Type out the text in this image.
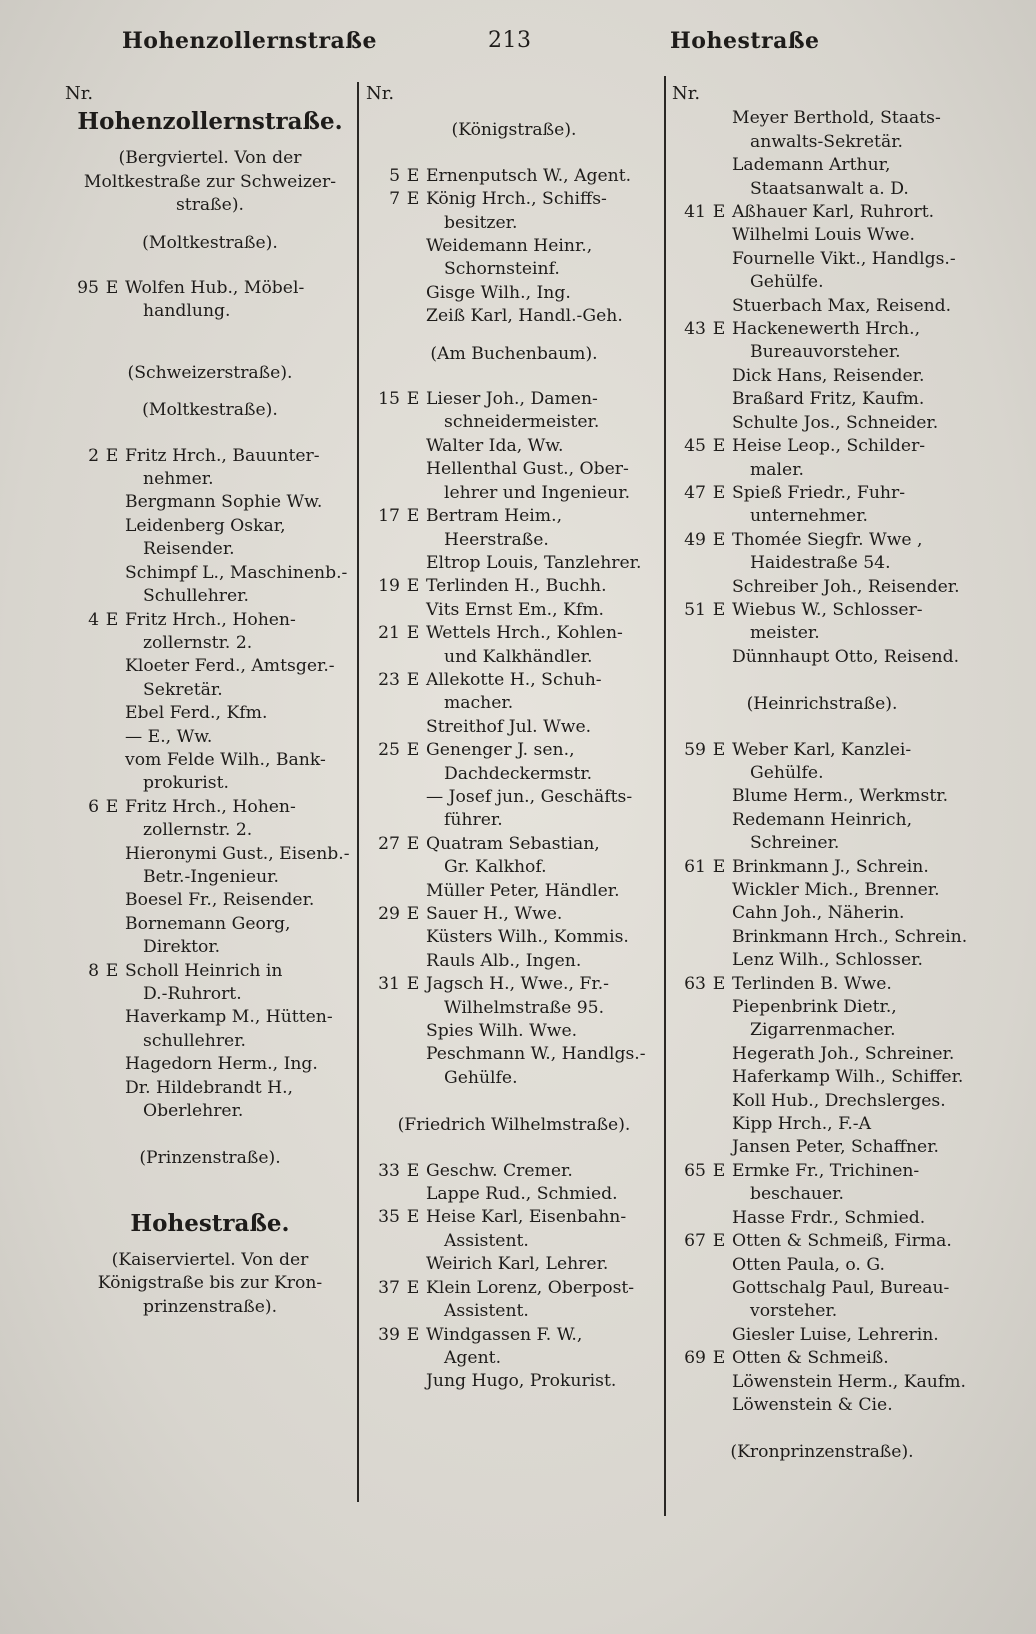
Hohenzollernstraße	213	Hohestraße
Nr.
Hohenzollernstraße.
(Bergviertel. Von der Moltkestraße zur Schweizer-straße).
(Moltkestraße).
95 E Wolfen Hub., Möbel-
handlung.
(Schweizerstraße).
(Moltkestraße).
2 E Fritz Hrch., Bauunter-
nehmer.
Bergmann Sophie Ww.
Leidenberg Oskar,
Reisender.
Schimpf L., Maschinenb.-
Schullehrer.
4 E Fritz Hrch., Hohen-
zollernstr. 2.
Kloeter Ferd., Amtsger.-
Sekretär.
Ebel Ferd., Kfm.
— E., Ww.
vom Felde Wilh., Bank-
prokurist.
6 E Fritz Hrch., Hohen-
zollernstr. 2.
Hieronymi Gust., Eisenb.-
Betr.-Ingenieur.
Boesel Fr., Reisender.
Bornemann Georg,
Direktor.
8 E Scholl Heinrich in
D.-Ruhrort.
Haverkamp M., Hütten-
schullehrer.
Hagedorn Herm., Ing.
Dr. Hildebrandt H.,
Oberlehrer.
(Prinzenstraße).
Hohestraße.
(Kaiserviertel. Von der Königstraße bis zur Kron-prinzenstraße).
Nr.
(Königstraße).
5 E Ernenputsch W., Agent.
7 E König Hrch., Schiffs-
besitzer.
Weidemann Heinr.,
Schornsteinf.
Gisge Wilh., Ing.
Zeiß Karl, Handl.-Geh.
(Am Buchenbaum).
15 E Lieser Joh., Damen-
schneidermeister.
Walter Ida, Ww.
Hellenthal Gust., Ober-
lehrer und Ingenieur.
17 E Bertram Heim.,
Heerstraße.
Eltrop Louis, Tanzlehrer.
19 E Terlinden H., Buchh.
Vits Ernst Em., Kfm.
21 E Wettels Hrch., Kohlen-
und Kalkhändler.
23 E Allekotte H., Schuh-
macher.
Streithof Jul. Wwe.
25 E Genenger J. sen.,
Dachdeckermstr.
— Josef jun., Geschäfts-
führer.
27 E Quatram Sebastian,
Gr. Kalkhof.
Müller Peter, Händler.
29 E Sauer H., Wwe.
Küsters Wilh., Kommis.
Rauls Alb., Ingen.
31 E Jagsch H., Wwe., Fr.-
Wilhelmstraße 95.
Spies Wilh. Wwe.
Peschmann W., Handlgs.-
Gehülfe.
(Friedrich Wilhelmstraße).
33 E Geschw. Cremer.
Lappe Rud., Schmied.
35 E Heise Karl, Eisenbahn-
Assistent.
Weirich Karl, Lehrer.
37 E Klein Lorenz, Oberpost-
Assistent.
39 E Windgassen F. W.,
Agent.
Jung Hugo, Prokurist.
Nr.
Meyer Berthold, Staats-
anwalts-Sekretär.
Lademann Arthur,
Staatsanwalt a. D.
41 E Aßhauer Karl, Ruhrort.
Wilhelmi Louis Wwe.
Fournelle Vikt., Handlgs.-
Gehülfe.
Stuerbach Max, Reisend.
43 E Hackenewerth Hrch.,
Bureauvorsteher.
Dick Hans, Reisender.
Braßard Fritz, Kaufm.
Schulte Jos., Schneider.
45 E Heise Leop., Schilder-
maler.
47 E Spieß Friedr., Fuhr-
unternehmer.
49 E Thomée Siegfr. Wwe ,
Haidestraße 54.
Schreiber Joh., Reisender.
51 E Wiebus W., Schlosser-
meister.
Dünnhaupt Otto, Reisend.
(Heinrichstraße).
59 E Weber Karl, Kanzlei-
Gehülfe.
Blume Herm., Werkmstr.
Redemann Heinrich,
Schreiner.
61 E Brinkmann J., Schrein.
Wickler Mich., Brenner.
Cahn Joh., Näherin.
Brinkmann Hrch., Schrein.
Lenz Wilh., Schlosser.
63 E Terlinden B. Wwe.
Piepenbrink Dietr.,
Zigarrenmacher.
Hegerath Joh., Schreiner.
Haferkamp Wilh., Schiffer.
Koll Hub., Drechslerges.
Kipp Hrch., F.-A
Jansen Peter, Schaffner.
65 E Ermke Fr., Trichinen-
beschauer.
Hasse Frdr., Schmied.
67 E Otten & Schmeiß, Firma.
Otten Paula, o. G.
Gottschalg Paul, Bureau-
vorsteher.
Giesler Luise, Lehrerin.
69 E Otten & Schmeiß.
Löwenstein Herm., Kaufm.
Löwenstein & Cie.
(Kronprinzenstraße).
